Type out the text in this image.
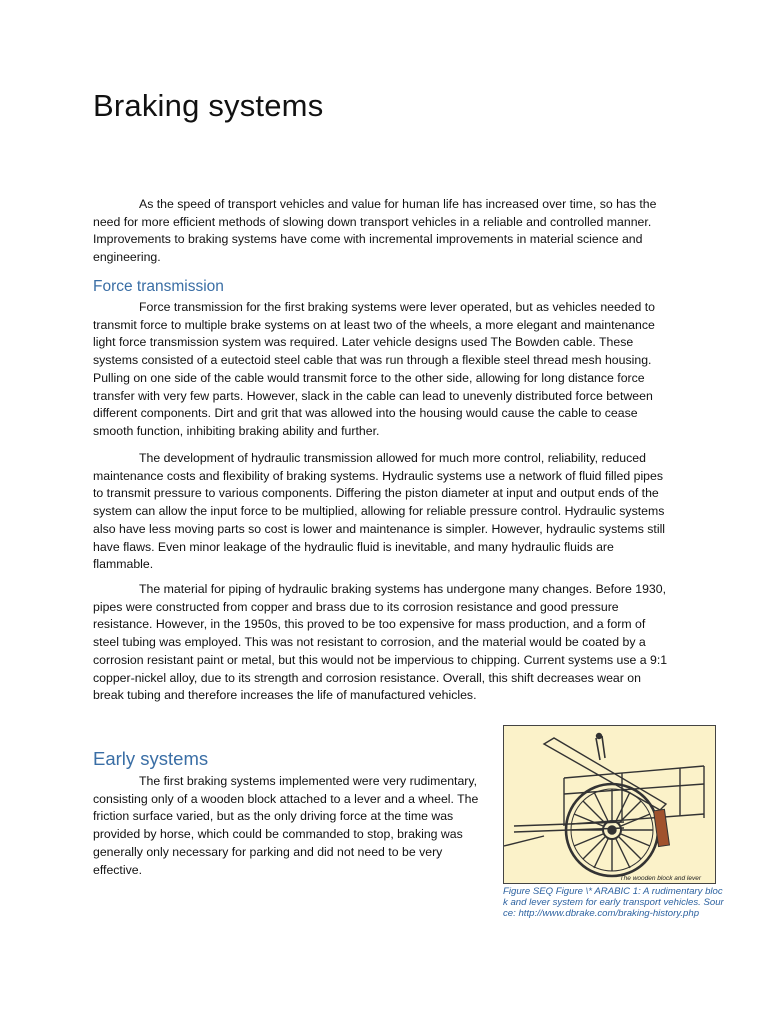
Braking systems

As the speed of transport vehicles and value for human life has increased over time, so has the need for more efficient methods of slowing down transport vehicles in a reliable and controlled manner. Improvements to braking systems have come with incremental improvements in material science and engineering.

Force transmission

Force transmission for the first braking systems were lever operated, but as vehicles needed to transmit force to multiple brake systems on at least two of the wheels, a more elegant and maintenance light force transmission system was required. Later vehicle designs used The Bowden cable. These systems consisted of a eutectoid steel cable that was run through a flexible steel thread mesh housing. Pulling on one side of the cable would transmit force to the other side, allowing for long distance force transfer with very few parts. However, slack in the cable can lead to unevenly distributed force between different components. Dirt and grit that was allowed into the housing would cause the cable to cease smooth function, inhibiting braking ability and further.

The development of hydraulic transmission allowed for much more control, reliability, reduced maintenance costs and flexibility of braking systems. Hydraulic systems use a network of fluid filled pipes to transmit pressure to various components. Differing the piston diameter at input and output ends of the system can allow the input force to be multiplied, allowing for reliable pressure control. Hydraulic systems also have less moving parts so cost is lower and maintenance is simpler. However, hydraulic systems still have flaws. Even minor leakage of the hydraulic fluid is inevitable, and many hydraulic fluids are flammable.

The material for piping of hydraulic braking systems has undergone many changes. Before 1930, pipes were constructed from copper and brass due to its corrosion resistance and good pressure resistance. However, in the 1950s, this proved to be too expensive for mass production, and a form of steel tubing was employed. This was not resistant to corrosion, and the material would be coated by a corrosion resistant paint or metal, but this would not be impervious to chipping. Current systems use a 9:1 copper-nickel alloy, due to its strength and corrosion resistance. Overall, this shift decreases wear on break tubing and therefore increases the life of manufactured vehicles.

Early systems

The first braking systems implemented were very rudimentary, consisting only of a wooden block attached to a lever and a wheel. The friction surface varied, but as the only driving force at the time was provided by horse, which could be commanded to stop, braking was generally only necessary for parking and did not need to be very effective.

The wooden block and lever

Figure SEQ Figure \* ARABIC 1: A rudimentary block and lever system for early transport vehicles. Source: http://www.dbrake.com/braking-history.php
